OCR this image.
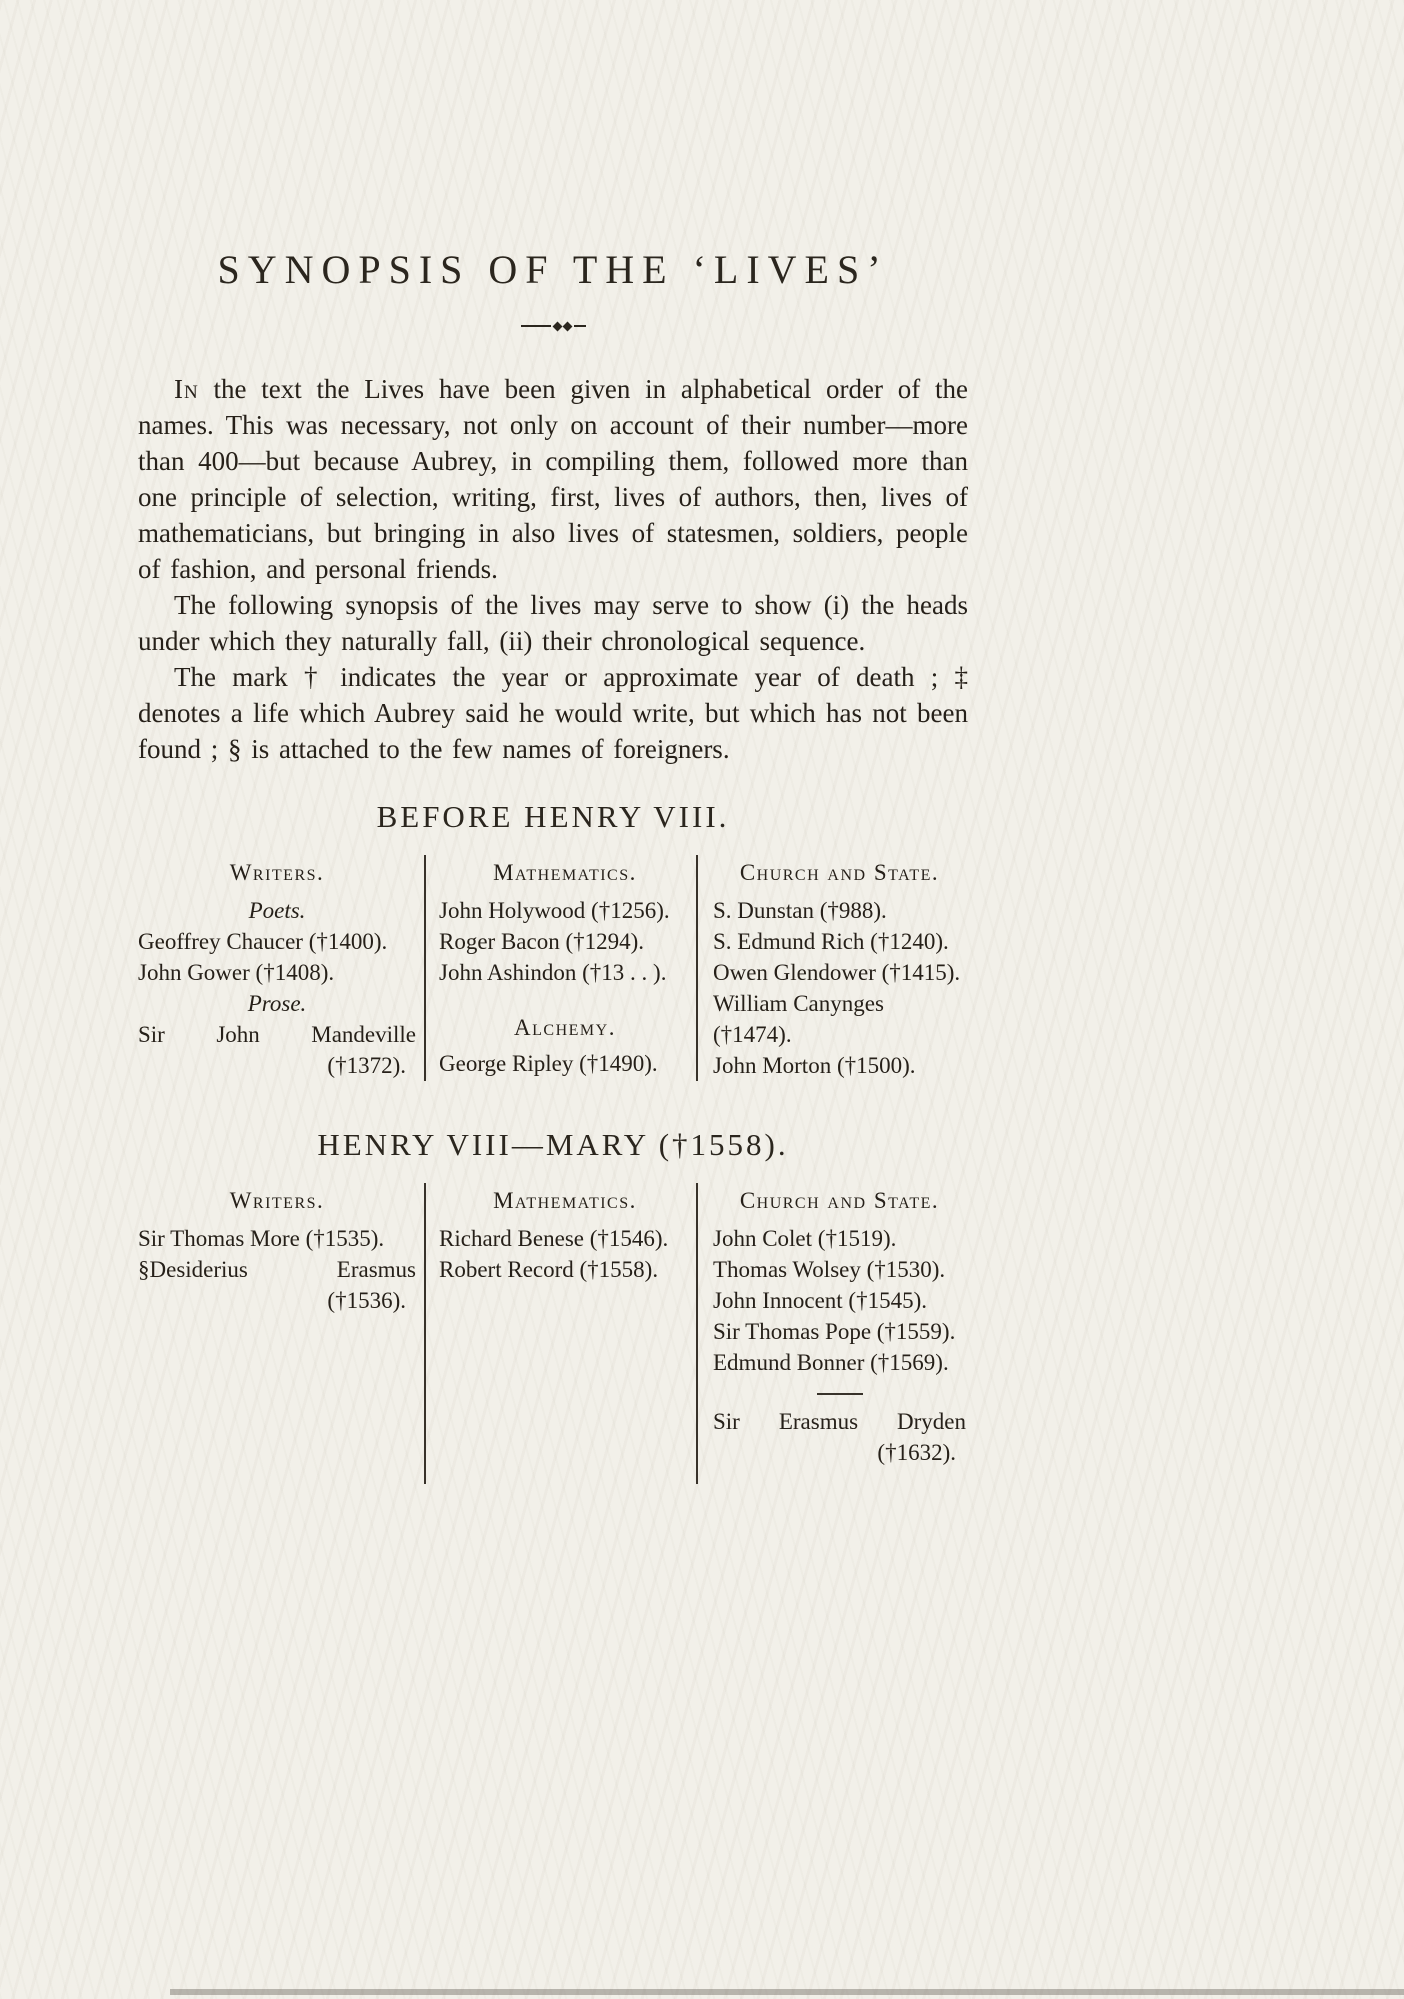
SYNOPSIS OF THE ‘LIVES’

In the text the Lives have been given in alphabetical order of the names. This was necessary, not only on account of their number—more than 400—but because Aubrey, in compiling them, followed more than one principle of selection, writing, first, lives of authors, then, lives of mathematicians, but bringing in also lives of statesmen, soldiers, people of fashion, and personal friends.

The following synopsis of the lives may serve to show (i) the heads under which they naturally fall, (ii) their chronological sequence.

The mark † indicates the year or approximate year of death ; ‡ denotes a life which Aubrey said he would write, but which has not been found ; § is attached to the few names of foreigners.

BEFORE HENRY VIII.
Writers.
Poets.
Geoffrey Chaucer (†1400).
John Gower (†1408).
Prose.
Sir John Mandeville
(†1372).
Mathematics.
John Holywood (†1256).
Roger Bacon (†1294).
John Ashindon (†13 . . ).
Alchemy.
George Ripley (†1490).
Church and State.
S. Dunstan (†988).
S. Edmund Rich (†1240).
Owen Glendower (†1415).
William Canynges (†1474).
John Morton (†1500).
HENRY VIII—MARY (†1558).
Writers.
Sir Thomas More (†1535).
§Desiderius Erasmus
(†1536).
Mathematics.
Richard Benese (†1546).
Robert Record (†1558).
Church and State.
John Colet (†1519).
Thomas Wolsey (†1530).
John Innocent (†1545).
Sir Thomas Pope (†1559).
Edmund Bonner (†1569).
Sir Erasmus Dryden
(†1632).
